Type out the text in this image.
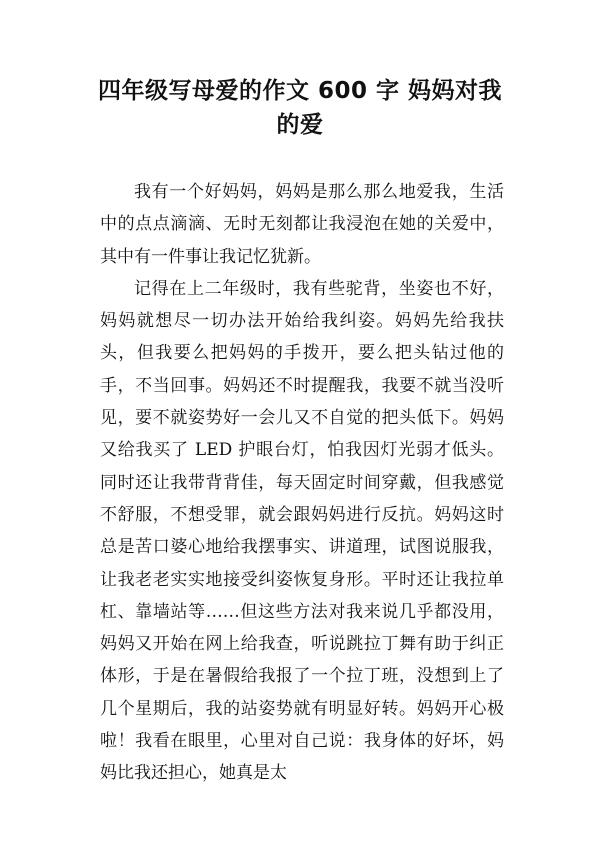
四年级写母爱的作文 600 字 妈妈对我的爱

我有一个好妈妈，妈妈是那么那么地爱我，生活中的点点滴滴、无时无刻都让我浸泡在她的关爱中，其中有一件事让我记忆犹新。

记得在上二年级时，我有些驼背，坐姿也不好，妈妈就想尽一切办法开始给我纠姿。妈妈先给我扶头，但我要么把妈妈的手拨开，要么把头钻过他的手，不当回事。妈妈还不时提醒我，我要不就当没听见，要不就姿势好一会儿又不自觉的把头低下。妈妈又给我买了 LED 护眼台灯，怕我因灯光弱才低头。同时还让我带背背佳，每天固定时间穿戴，但我感觉不舒服，不想受罪，就会跟妈妈进行反抗。妈妈这时总是苦口婆心地给我摆事实、讲道理，试图说服我，让我老老实实地接受纠姿恢复身形。平时还让我拉单杠、靠墙站等……但这些方法对我来说几乎都没用，妈妈又开始在网上给我查，听说跳拉丁舞有助于纠正体形，于是在暑假给我报了一个拉丁班，没想到上了几个星期后，我的站姿势就有明显好转。妈妈开心极啦！我看在眼里，心里对自己说：我身体的好坏，妈妈比我还担心，她真是太
